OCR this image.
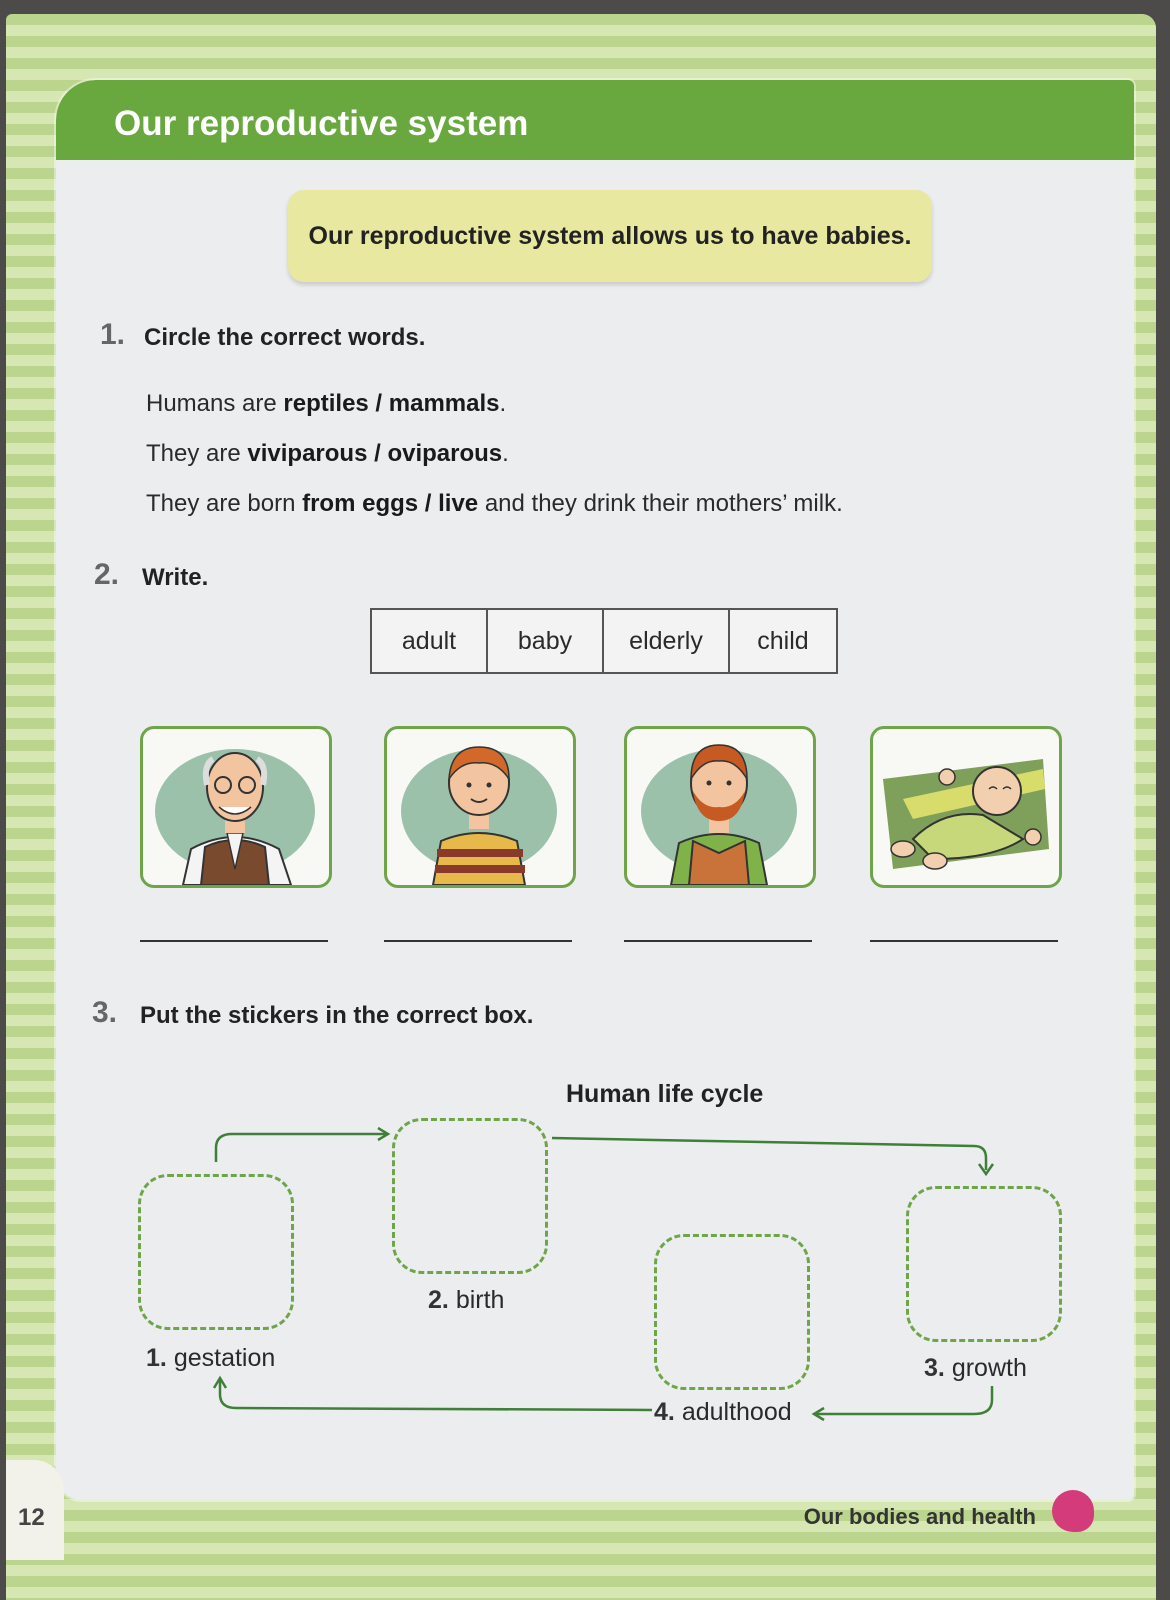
Our reproductive system
Our reproductive system allows us to have babies.
1. Circle the correct words.
Humans are reptiles / mammals.
They are viviparous / oviparous.
They are born from eggs / live and they drink their mothers’ milk.
2. Write.
adult	baby	elderly	child
3. Put the stickers in the correct box.
Human life cycle
1. gestation
2. birth
3. growth
4. adulthood
12	Our bodies and health
